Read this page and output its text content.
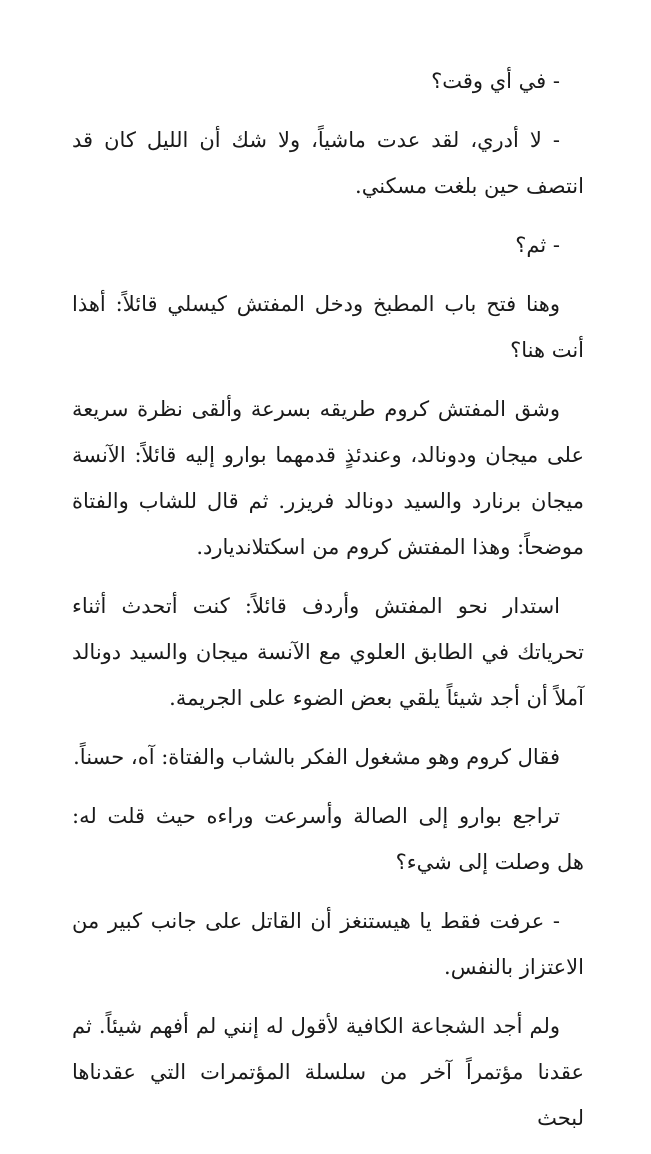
- في أي وقت؟

- لا أدري، لقد عدت ماشياً، ولا شك أن الليل كان قد انتصف حين بلغت مسكني.

- ثم؟

وهنا فتح باب المطبخ ودخل المفتش كيسلي قائلاً: أهذا أنت هنا؟

وشق المفتش كروم طريقه بسرعة وألقى نظرة سريعة على ميجان ودونالد، وعندئذٍ قدمهما بوارو إليه قائلاً: الآنسة ميجان برنارد والسيد دونالد فريزر. ثم قال للشاب والفتاة موضحاً: وهذا المفتش كروم من اسكتلانديارد.

استدار نحو المفتش وأردف قائلاً: كنت أتحدث أثناء تحرياتك في الطابق العلوي مع الآنسة ميجان والسيد دونالد آملاً أن أجد شيئاً يلقي بعض الضوء على الجريمة.

فقال كروم وهو مشغول الفكر بالشاب والفتاة: آه، حسناً.

تراجع بوارو إلى الصالة وأسرعت وراءه حيث قلت له: هل وصلت إلى شيء؟

- عرفت فقط يا هيستنغز أن القاتل على جانب كبير من الاعتزاز بالنفس.

ولم أجد الشجاعة الكافية لأقول له إنني لم أفهم شيئاً. ثم عقدنا مؤتمراً آخر من سلسلة المؤتمرات التي عقدناها لبحث
